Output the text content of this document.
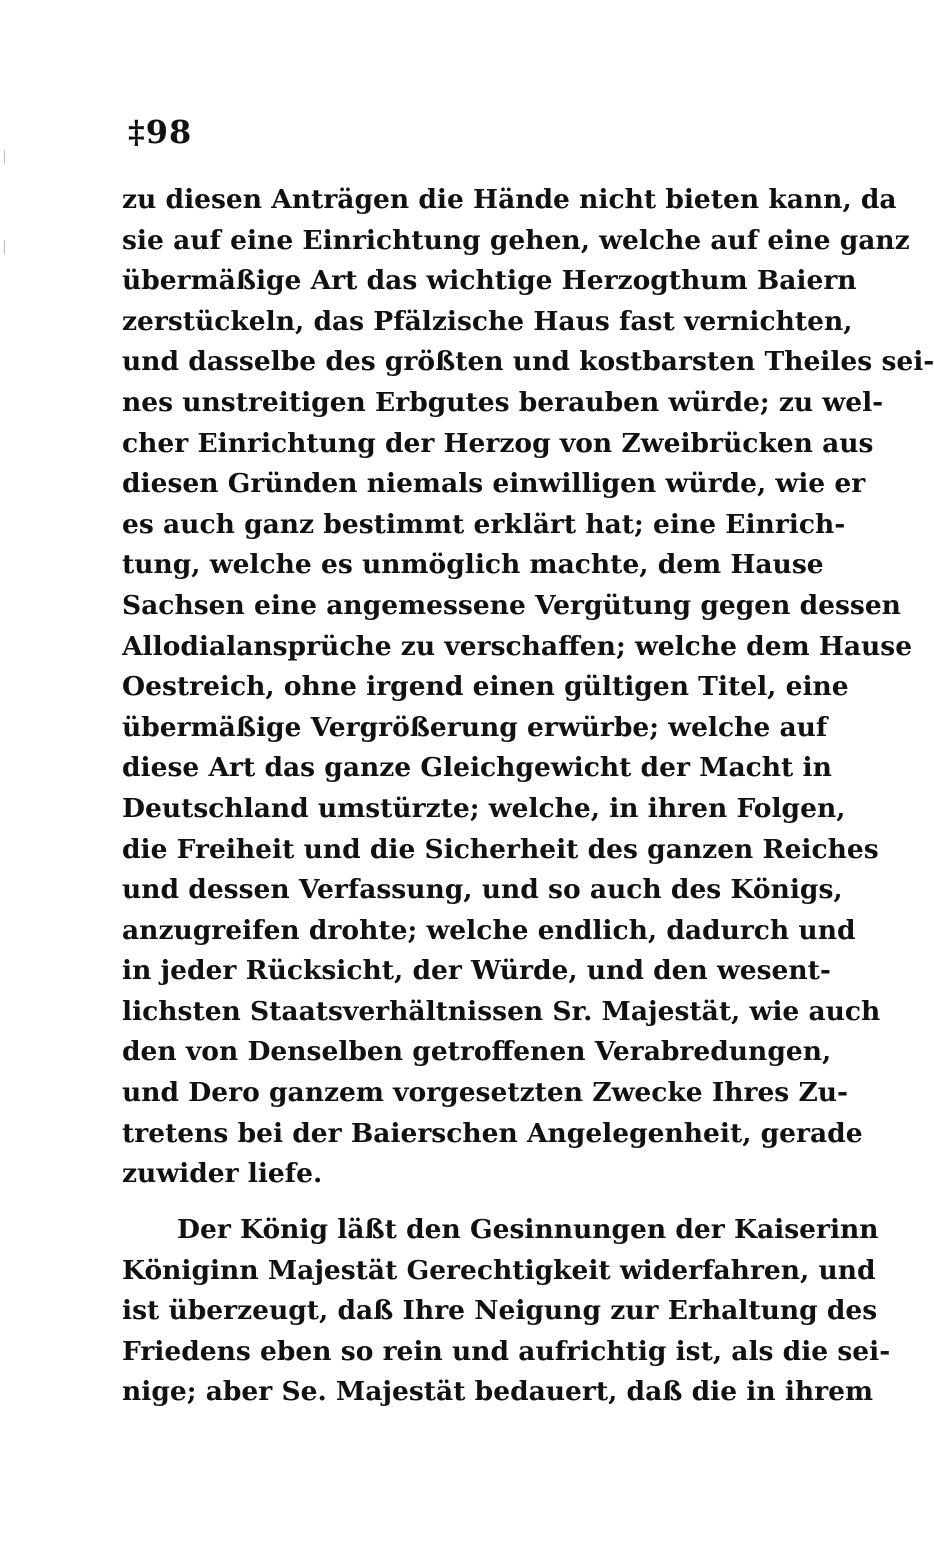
‡98
zu diesen Anträgen die Hände nicht bieten kann, da
sie auf eine Einrichtung gehen, welche auf eine ganz
übermäßige Art das wichtige Herzogthum Baiern
zerstückeln, das Pfälzische Haus fast vernichten,
und dasselbe des größten und kostbarsten Theiles sei-
nes unstreitigen Erbgutes berauben würde; zu wel-
cher Einrichtung der Herzog von Zweibrücken aus
diesen Gründen niemals einwilligen würde, wie er
es auch ganz bestimmt erklärt hat; eine Einrich-
tung, welche es unmöglich machte, dem Hause
Sachsen eine angemessene Vergütung gegen dessen
Allodialansprüche zu verschaffen; welche dem Hause
Oestreich, ohne irgend einen gültigen Titel, eine
übermäßige Vergrößerung erwürbe; welche auf
diese Art das ganze Gleichgewicht der Macht in
Deutschland umstürzte; welche, in ihren Folgen,
die Freiheit und die Sicherheit des ganzen Reiches
und dessen Verfassung, und so auch des Königs,
anzugreifen drohte; welche endlich, dadurch und
in jeder Rücksicht, der Würde, und den wesent-
lichsten Staatsverhältnissen Sr. Majestät, wie auch
den von Denselben getroffenen Verabredungen,
und Dero ganzem vorgesetzten Zwecke Ihres Zu-
tretens bei der Baierschen Angelegenheit, gerade
zuwider liefe.
Der König läßt den Gesinnungen der Kaiserinn
Königinn Majestät Gerechtigkeit widerfahren, und
ist überzeugt, daß Ihre Neigung zur Erhaltung des
Friedens eben so rein und aufrichtig ist, als die sei-
nige; aber Se. Majestät bedauert, daß die in ihrem
